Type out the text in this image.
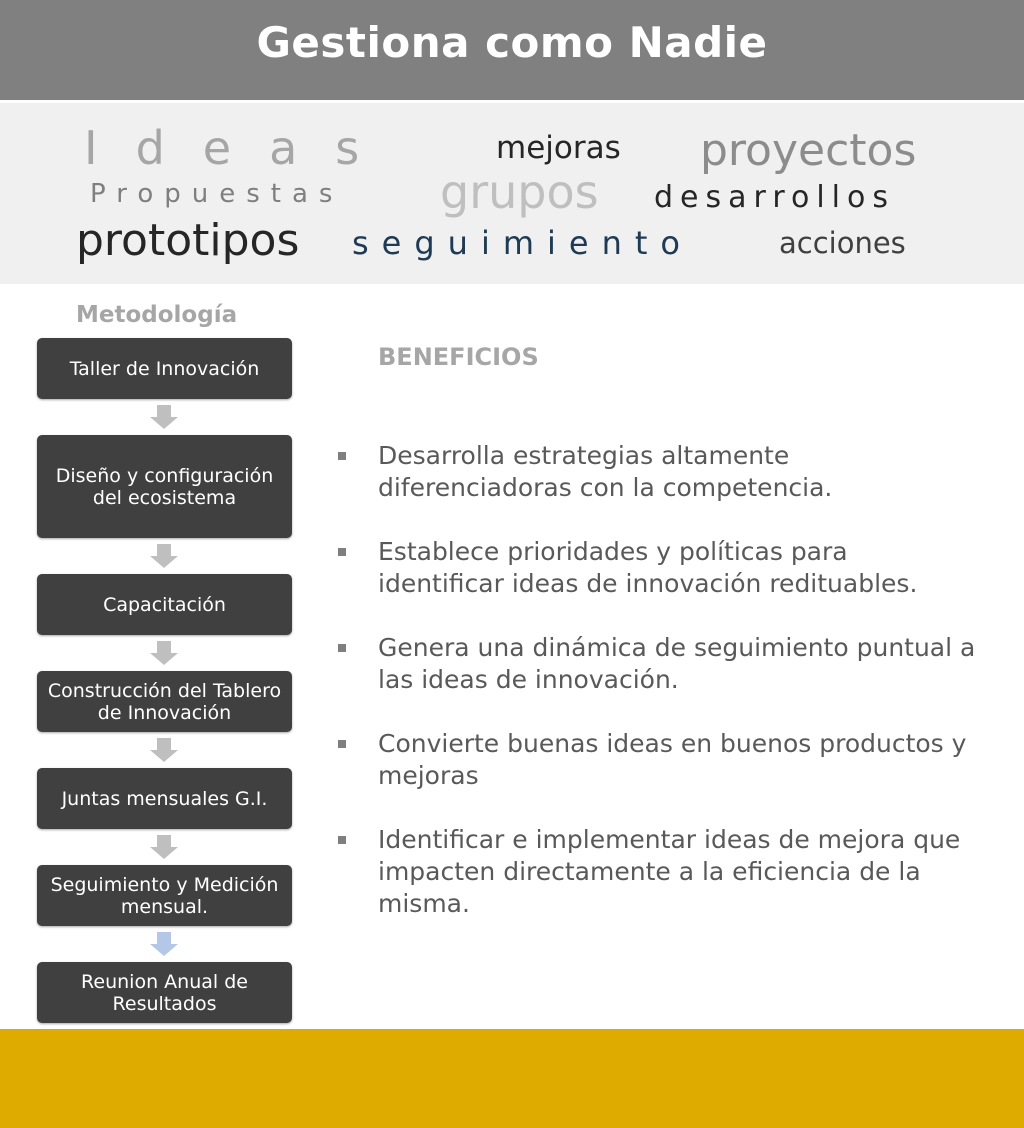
Gestiona como Nadie
Ideas	mejoras proyectos
Propuestas grupos desarrollos
prototipos seguimiento	acciones
Metodología
Taller de Innovación
Diseño y configuración del ecosistema
Capacitación
Construcción del Tablero de Innovación
Juntas mensuales G.I.
Seguimiento y Medición mensual.
Reunion Anual de Resultados
BENEFICIOS
Desarrolla estrategias altamente diferenciadoras con la competencia.
Establece prioridades y políticas para identificar ideas de innovación redituables.
Genera una dinámica de seguimiento puntual a las ideas de innovación.
Convierte buenas ideas en buenos productos y mejoras
Identificar e implementar ideas de mejora que impacten directamente a la eficiencia de la misma.
